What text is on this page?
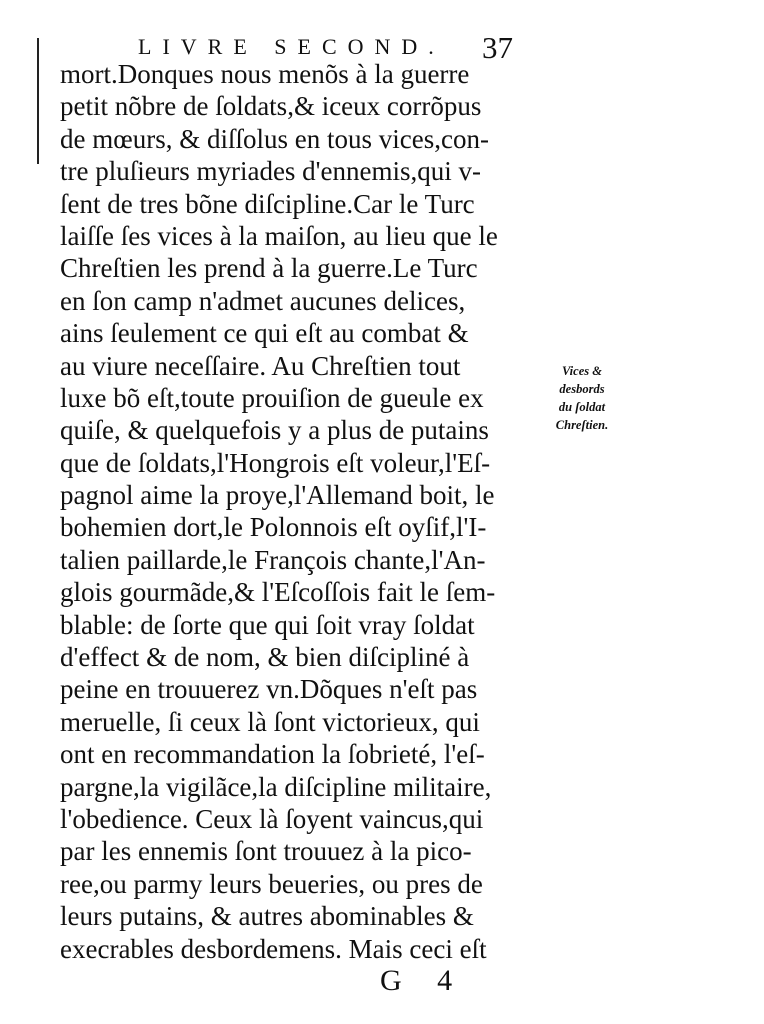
LIVRE SECOND. 37
mort.Donques nous menõs à la guerre
petit nõbre de ſoldats,& iceux corrõpus
de mœurs, & diſſolus en tous vices,con-
tre pluſieurs myriades d'ennemis,qui v-
ſent de tres bõne diſcipline.Car le Turc
laiſſe ſes vices à la maiſon, au lieu que le
Chreſtien les prend à la guerre.Le Turc
en ſon camp n'admet aucunes delices,
ains ſeulement ce qui eſt au combat &
au viure neceſſaire. Au Chreſtien tout
luxe bõ eſt,toute prouiſion de gueule ex
quiſe, & quelquefois y a plus de putains
que de ſoldats,l'Hongrois eſt voleur,l'Eſ-
pagnol aime la proye,l'Allemand boit, le
bohemien dort,le Polonnois eſt oyſif,l'I-
talien paillarde,le François chante,l'An-
glois gourmãde,& l'Eſcoſſois fait le ſem-
blable: de ſorte que qui ſoit vray ſoldat
d'effect & de nom, & bien diſcipliné à
peine en trouuerez vn.Dõques n'eſt pas
meruelle, ſi ceux là ſont victorieux, qui
ont en recommandation la ſobrieté, l'eſ-
pargne,la vigilãce,la diſcipline militaire,
l'obedience. Ceux là ſoyent vaincus,qui
par les ennemis ſont trouuez à la pico-
ree,ou parmy leurs beueries, ou pres de
leurs putains, & autres abominables &
execrables desbordemens. Mais ceci eſt
Vices &
desbords
du ſoldat
Chreſtien.
G 4
